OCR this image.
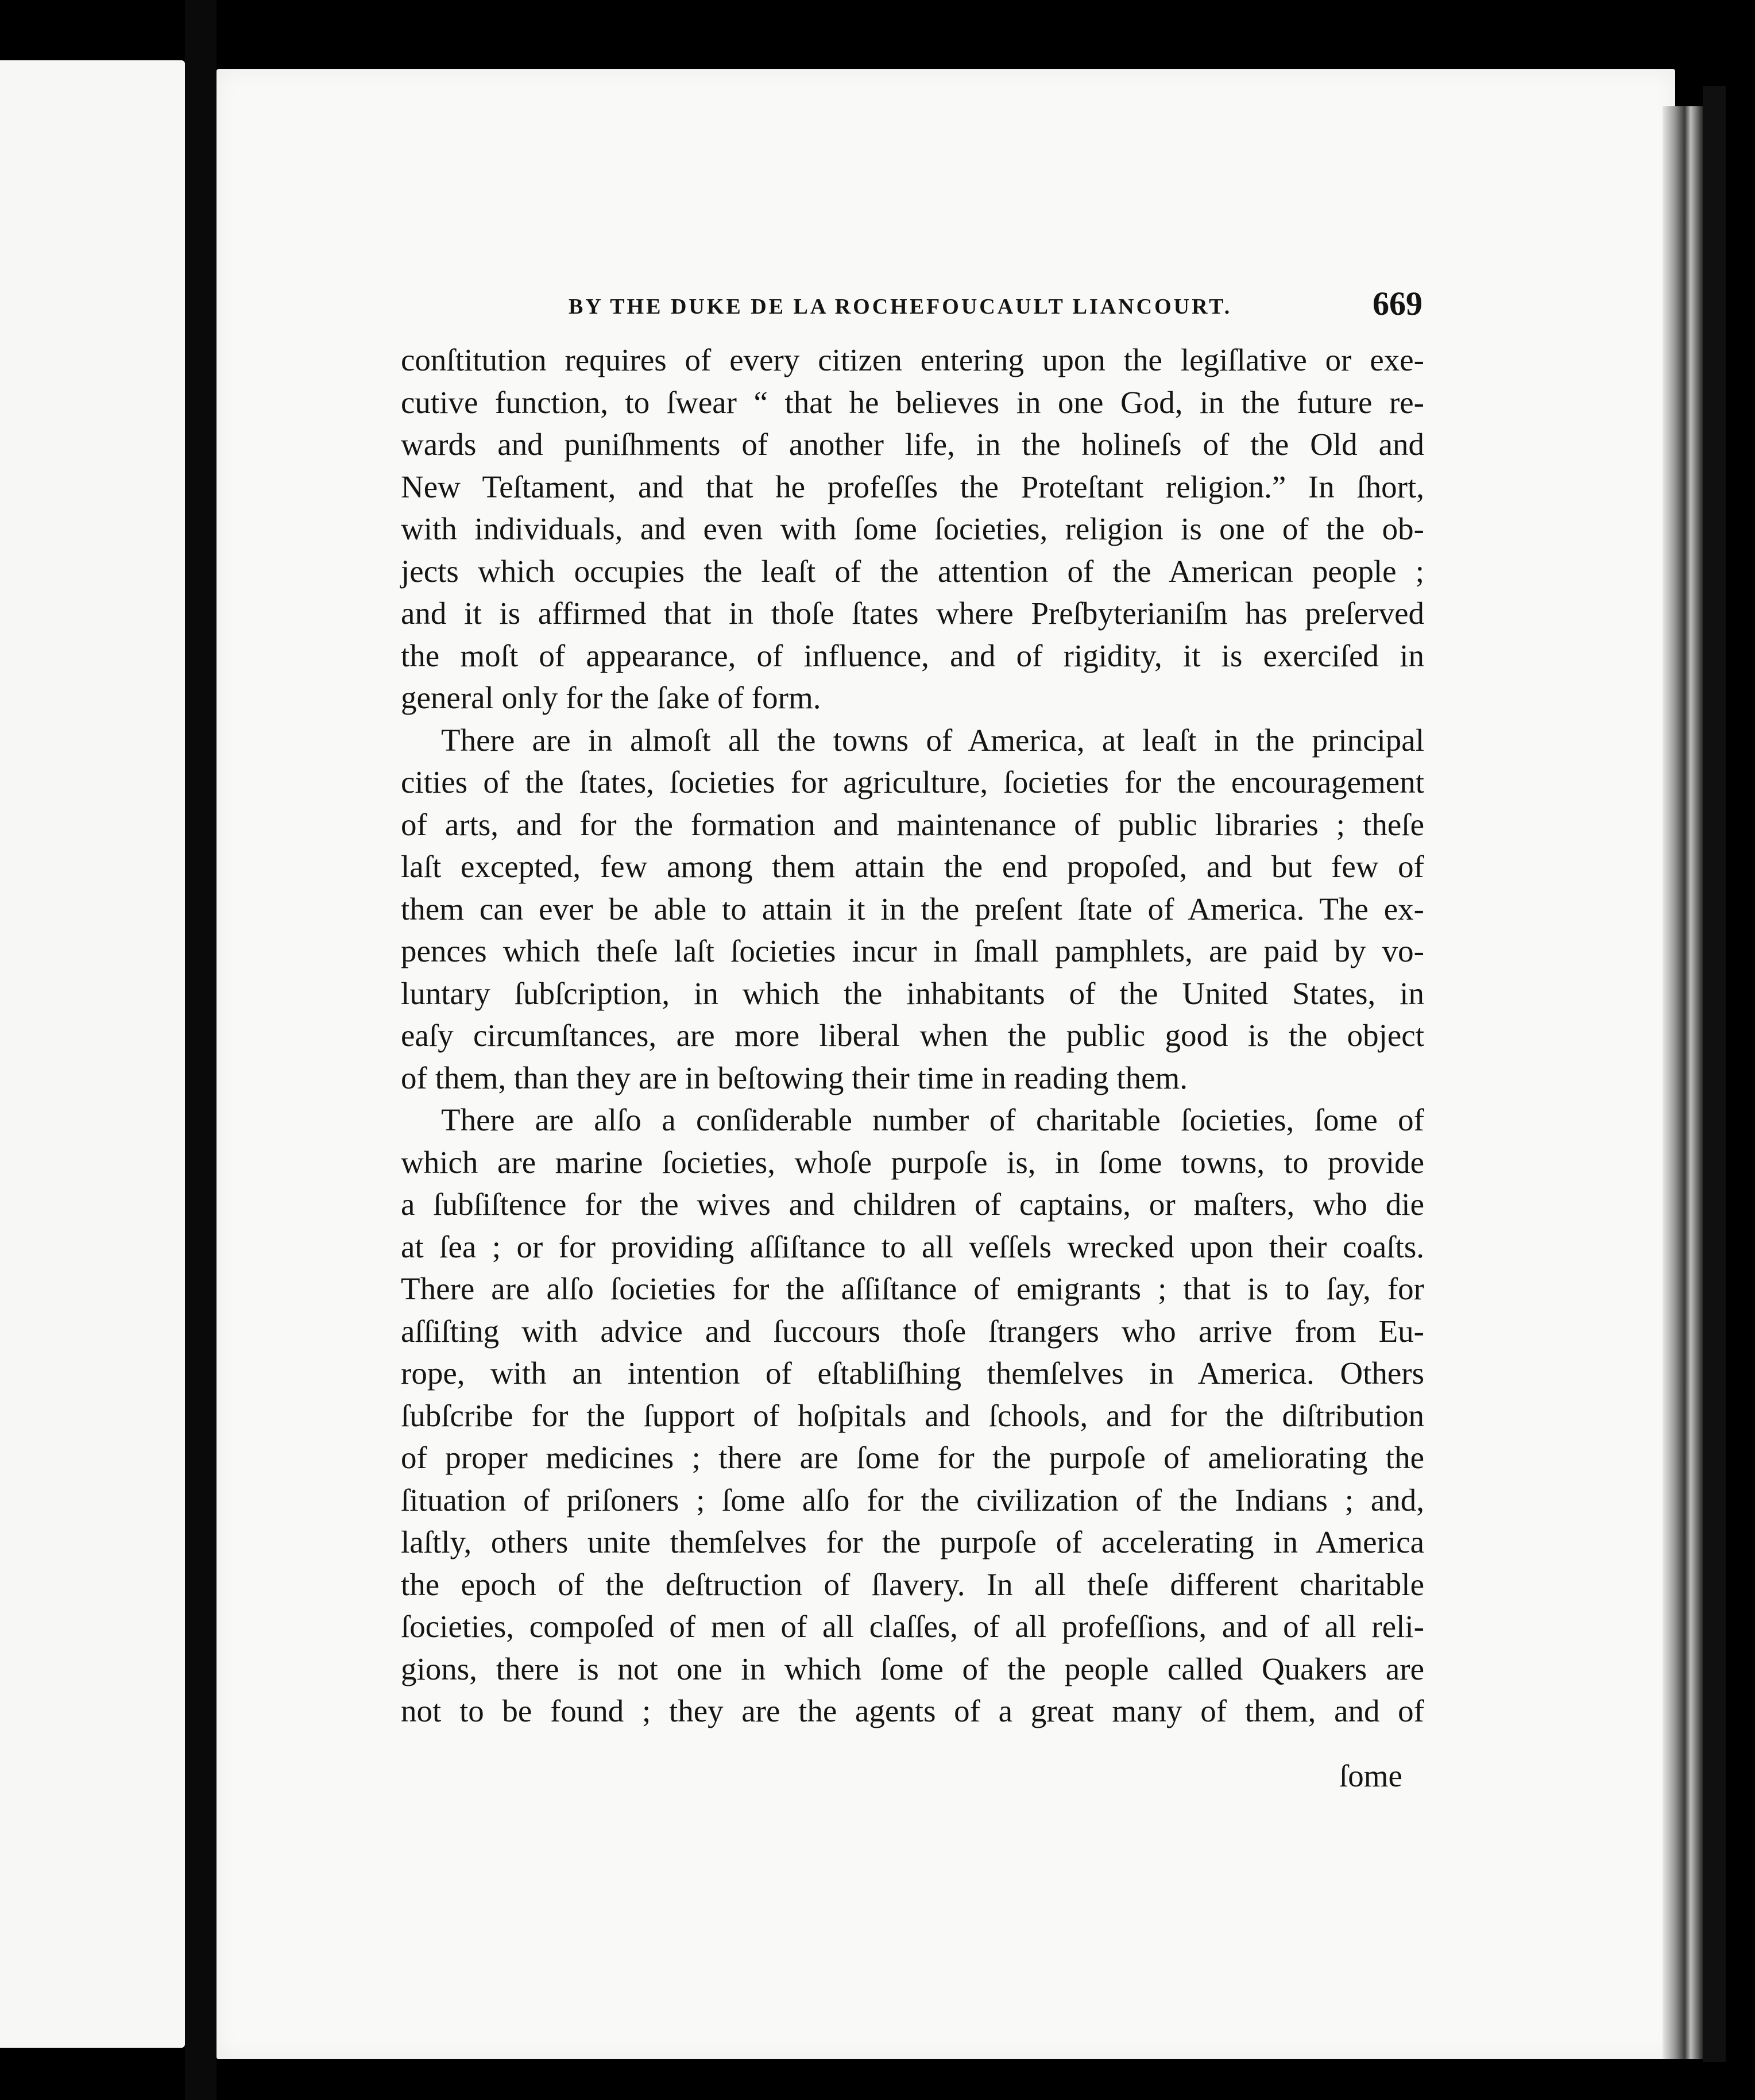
BY THE DUKE DE LA ROCHEFOUCAULT LIANCOURT.	669
conſtitution requires of every citizen entering upon the legiſlative or exe-
cutive function, to ſwear “ that he believes in one God, in the future re-
wards and puniſhments of another life, in the holineſs of the Old and
New Teſtament, and that he profeſſes the Proteſtant religion.” In ſhort,
with individuals, and even with ſome ſocieties, religion is one of the ob-
jects which occupies the leaſt of the attention of the American people ;
and it is affirmed that in thoſe ſtates where Preſbyterianiſm has preſerved
the moſt of appearance, of influence, and of rigidity, it is exerciſed in
general only for the ſake of form.
There are in almoſt all the towns of America, at leaſt in the principal
cities of the ſtates, ſocieties for agriculture, ſocieties for the encouragement
of arts, and for the formation and maintenance of public libraries ; theſe
laſt excepted, few among them attain the end propoſed, and but few of
them can ever be able to attain it in the preſent ſtate of America. The ex-
pences which theſe laſt ſocieties incur in ſmall pamphlets, are paid by vo-
luntary ſubſcription, in which the inhabitants of the United States, in
eaſy circumſtances, are more liberal when the public good is the object
of them, than they are in beſtowing their time in reading them.
There are alſo a conſiderable number of charitable ſocieties, ſome of
which are marine ſocieties, whoſe purpoſe is, in ſome towns, to provide
a ſubſiſtence for the wives and children of captains, or maſters, who die
at ſea ; or for providing aſſiſtance to all veſſels wrecked upon their coaſts.
There are alſo ſocieties for the aſſiſtance of emigrants ; that is to ſay, for
aſſiſting with advice and ſuccours thoſe ſtrangers who arrive from Eu-
rope, with an intention of eſtabliſhing themſelves in America. Others
ſubſcribe for the ſupport of hoſpitals and ſchools, and for the diſtribution
of proper medicines ; there are ſome for the purpoſe of ameliorating the
ſituation of priſoners ; ſome alſo for the civilization of the Indians ; and,
laſtly, others unite themſelves for the purpoſe of accelerating in America
the epoch of the deſtruction of ſlavery. In all theſe different charitable
ſocieties, compoſed of men of all claſſes, of all profeſſions, and of all reli-
gions, there is not one in which ſome of the people called Quakers are
not to be found ; they are the agents of a great many of them, and of
ſome
